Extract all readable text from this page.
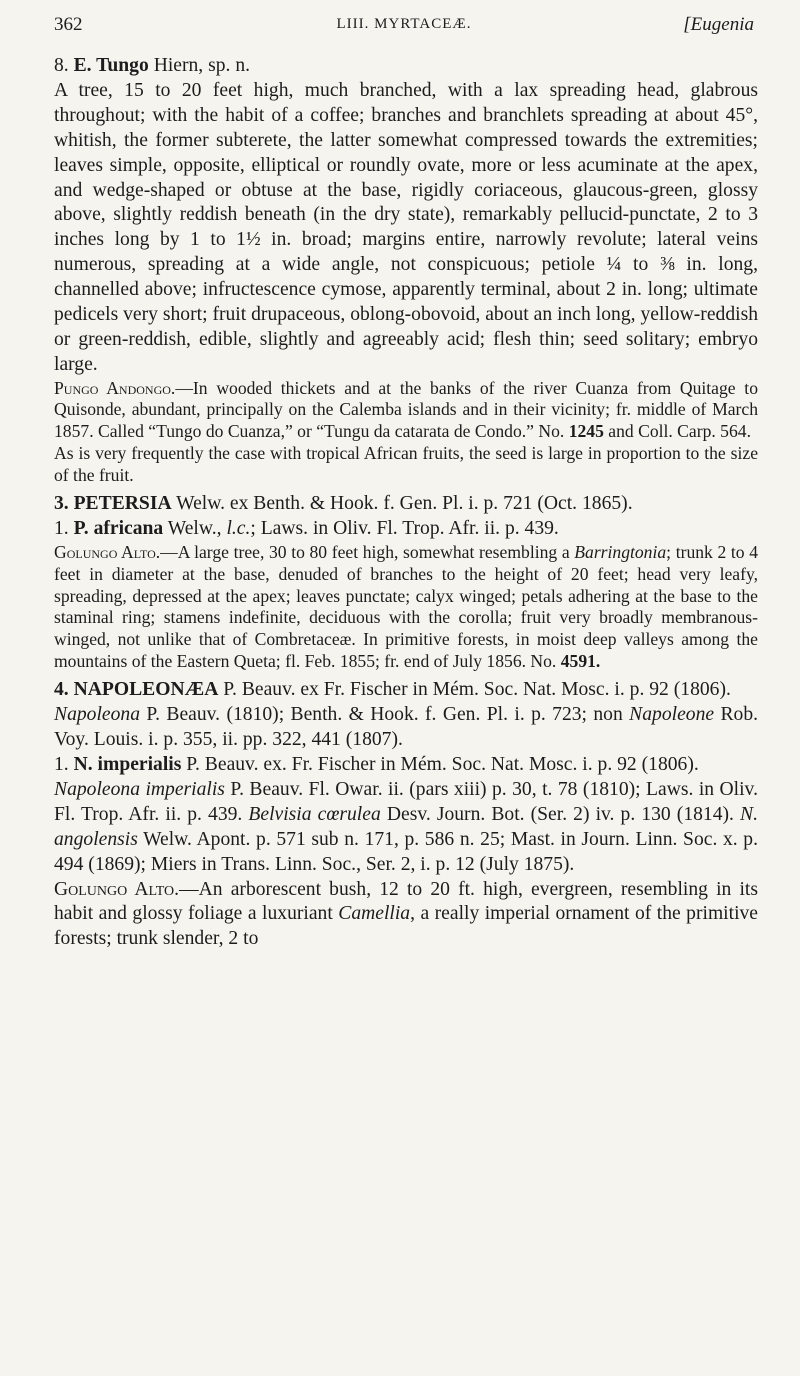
362	LIII. MYRTACEÆ.	[Eugenia

8. E. Tungo Hiern, sp. n.

A tree, 15 to 20 feet high, much branched, with a lax spreading head, glabrous throughout; with the habit of a coffee; branches and branchlets spreading at about 45°, whitish, the former subterete, the latter somewhat compressed towards the extremities; leaves simple, opposite, elliptical or roundly ovate, more or less acuminate at the apex, and wedge-shaped or obtuse at the base, rigidly coriaceous, glaucous-green, glossy above, slightly reddish beneath (in the dry state), remarkably pellucid-punctate, 2 to 3 inches long by 1 to 1½ in. broad; margins entire, narrowly revolute; lateral veins numerous, spreading at a wide angle, not conspicuous; petiole ¼ to ⅜ in. long, channelled above; infructescence cymose, apparently terminal, about 2 in. long; ultimate pedicels very short; fruit drupaceous, oblong-obovoid, about an inch long, yellow-reddish or green-reddish, edible, slightly and agreeably acid; flesh thin; seed solitary; embryo large.

Pungo Andongo.—In wooded thickets and at the banks of the river Cuanza from Quitage to Quisonde, abundant, principally on the Calemba islands and in their vicinity; fr. middle of March 1857. Called “Tungo do Cuanza,” or “Tungu da catarata de Condo.” No. 1245 and Coll. Carp. 564.

As is very frequently the case with tropical African fruits, the seed is large in proportion to the size of the fruit.

3. PETERSIA Welw. ex Benth. & Hook. f. Gen. Pl. i. p. 721 (Oct. 1865).

1. P. africana Welw., l.c.; Laws. in Oliv. Fl. Trop. Afr. ii. p. 439.

Golungo Alto.—A large tree, 30 to 80 feet high, somewhat resembling a Barringtonia; trunk 2 to 4 feet in diameter at the base, denuded of branches to the height of 20 feet; head very leafy, spreading, depressed at the apex; leaves punctate; calyx winged; petals adhering at the base to the staminal ring; stamens indefinite, deciduous with the corolla; fruit very broadly membranous-winged, not unlike that of Combretaceæ. In primitive forests, in moist deep valleys among the mountains of the Eastern Queta; fl. Feb. 1855; fr. end of July 1856. No. 4591.

4. NAPOLEONÆA P. Beauv. ex Fr. Fischer in Mém. Soc. Nat. Mosc. i. p. 92 (1806).

Napoleona P. Beauv. (1810); Benth. & Hook. f. Gen. Pl. i. p. 723; non Napoleone Rob. Voy. Louis. i. p. 355, ii. pp. 322, 441 (1807).

1. N. imperialis P. Beauv. ex. Fr. Fischer in Mém. Soc. Nat. Mosc. i. p. 92 (1806).

Napoleona imperialis P. Beauv. Fl. Owar. ii. (pars xiii) p. 30, t. 78 (1810); Laws. in Oliv. Fl. Trop. Afr. ii. p. 439. Belvisia cœrulea Desv. Journ. Bot. (Ser. 2) iv. p. 130 (1814). N. angolensis Welw. Apont. p. 571 sub n. 171, p. 586 n. 25; Mast. in Journ. Linn. Soc. x. p. 494 (1869); Miers in Trans. Linn. Soc., Ser. 2, i. p. 12 (July 1875).

Golungo Alto.—An arborescent bush, 12 to 20 ft. high, evergreen, resembling in its habit and glossy foliage a luxuriant Camellia, a really imperial ornament of the primitive forests; trunk slender, 2 to
